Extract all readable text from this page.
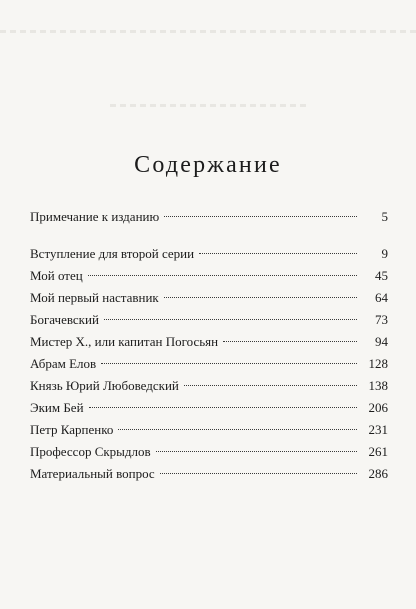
Содержание
Примечание к изданию	5
Вступление для второй серии	9
Мой отец	45
Мой первый наставник	64
Богачевский	73
Мистер Х., или капитан Погосьян	94
Абрам Елов	128
Князь Юрий Любоведский	138
Эким Бей	206
Петр Карпенко	231
Профессор Скрыдлов	261
Материальный вопрос	286
